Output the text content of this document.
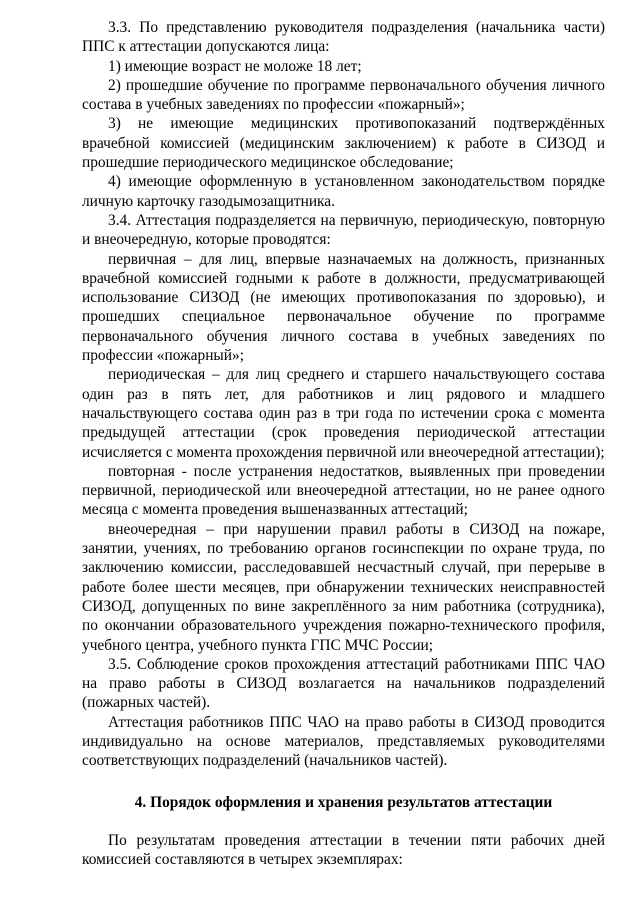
3.3. По представлению руководителя подразделения (начальника части) ППС к аттестации допускаются лица:

1) имеющие возраст не моложе 18 лет;

2) прошедшие обучение по программе первоначального обучения личного состава в учебных заведениях по профессии «пожарный»;

3) не имеющие медицинских противопоказаний подтверждённых врачебной комиссией (медицинским заключением) к работе в СИЗОД и прошедшие периодического медицинское обследование;

4) имеющие оформленную в установленном законодательством порядке личную карточку газодымозащитника.

3.4. Аттестация подразделяется на первичную, периодическую, повторную и внеочередную, которые проводятся:

первичная – для лиц, впервые назначаемых на должность, признанных врачебной комиссией годными к работе в должности, предусматривающей использование СИЗОД (не имеющих противопоказания по здоровью), и прошедших специальное первоначальное обучение по программе первоначального обучения личного состава в учебных заведениях по профессии «пожарный»;

периодическая – для лиц среднего и старшего начальствующего состава один раз в пять лет, для работников и лиц рядового и младшего начальствующего состава один раз в три года по истечении срока с момента предыдущей аттестации (срок проведения периодической аттестации исчисляется с момента прохождения первичной или внеочередной аттестации);

повторная - после устранения недостатков, выявленных при проведении первичной, периодической или внеочередной аттестации, но не ранее одного месяца с момента проведения вышеназванных аттестаций;

внеочередная – при нарушении правил работы в СИЗОД на пожаре, занятии, учениях, по требованию органов госинспекции по охране труда, по заключению комиссии, расследовавшей несчастный случай, при перерыве в работе более шести месяцев, при обнаружении технических неисправностей СИЗОД, допущенных по вине закреплённого за ним работника (сотрудника), по окончании образовательного учреждения пожарно-технического профиля, учебного центра, учебного пункта ГПС МЧС России;

3.5. Соблюдение сроков прохождения аттестаций работниками ППС ЧАО на право работы в СИЗОД возлагается на начальников подразделений (пожарных частей).

Аттестация работников ППС ЧАО на право работы в СИЗОД проводится индивидуально на основе материалов, представляемых руководителями соответствующих подразделений (начальников частей).

4. Порядок оформления и хранения результатов аттестации

По результатам проведения аттестации в течении пяти рабочих дней комиссией составляются в четырех экземплярах:
